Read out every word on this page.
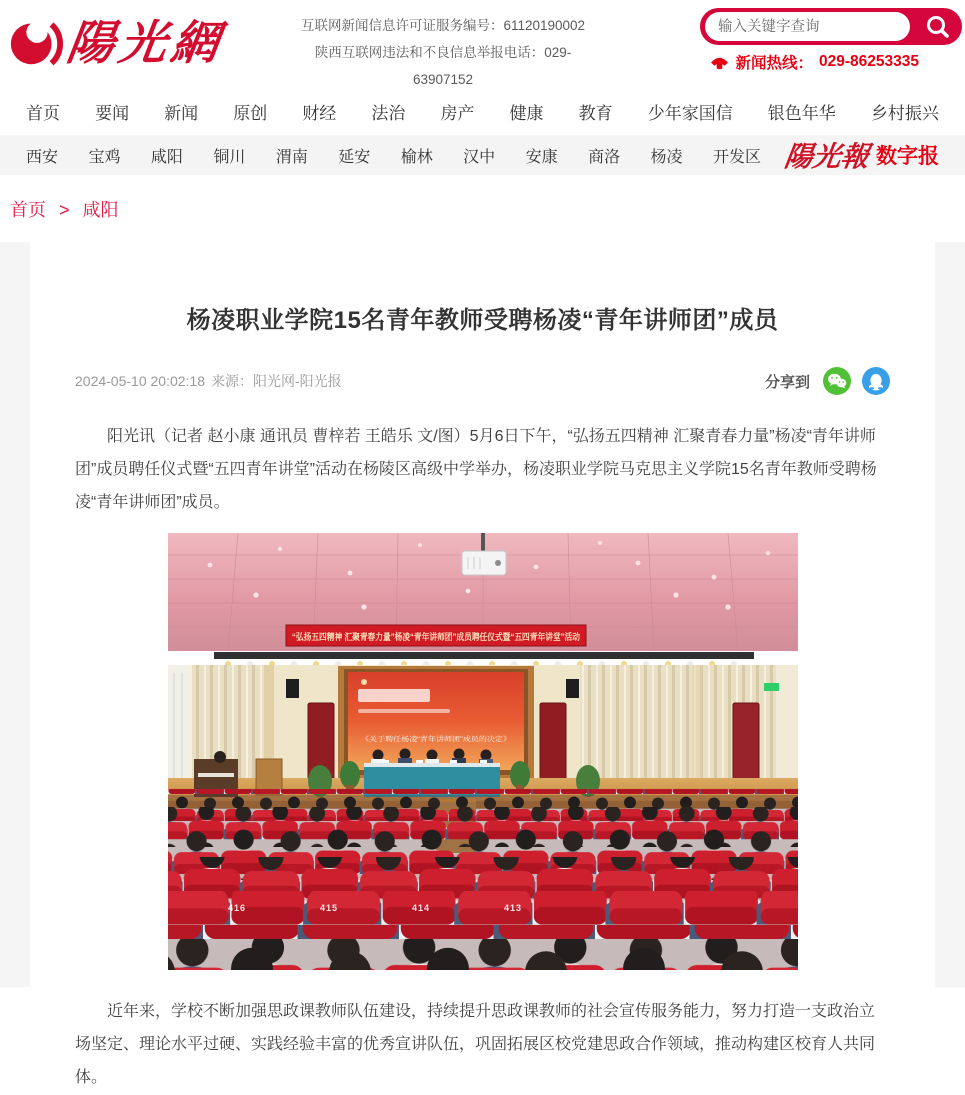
陽光網	互联网新闻信息许可证服务编号：61120190002
陕西互联网违法和不良信息举报电话：029-63907152
输入关键字查询
新闻热线： 029-86253335
首页 要闻 新闻 原创 财经 法治 房产 健康 教育 少年家国信 银色年华 乡村振兴
西安 宝鸡 咸阳 铜川 渭南 延安 榆林 汉中 安康 商洛 杨凌 开发区 陽光報 数字报
首页 > 咸阳
杨凌职业学院15名青年教师受聘杨凌“青年讲师团”成员
2024-05-10 20:02:18 来源：阳光网-阳光报	分享到

阳光讯（记者 赵小康 通讯员 曹梓若 王皓乐 文/图）5月6日下午，“弘扬五四精神 汇聚青春力量”杨凌“青年讲师团”成员聘任仪式暨“五四青年讲堂”活动在杨陵区高级中学举办，杨凌职业学院马克思主义学院15名青年教师受聘杨凌“青年讲师团”成员。

“弘扬五四精神 汇聚青春力量”杨凌“青年讲师团”成员聘任仪式暨“五四青年讲堂”活动
《关于聘任杨凌“青年讲师团”成员的决定》
416	415	414	413

近年来，学校不断加强思政课教师队伍建设，持续提升思政课教师的社会宣传服务能力，努力打造一支政治立场坚定、理论水平过硬、实践经验丰富的优秀宣讲队伍，巩固拓展区校党建思政合作领域，推动构建区校育人共同体。
